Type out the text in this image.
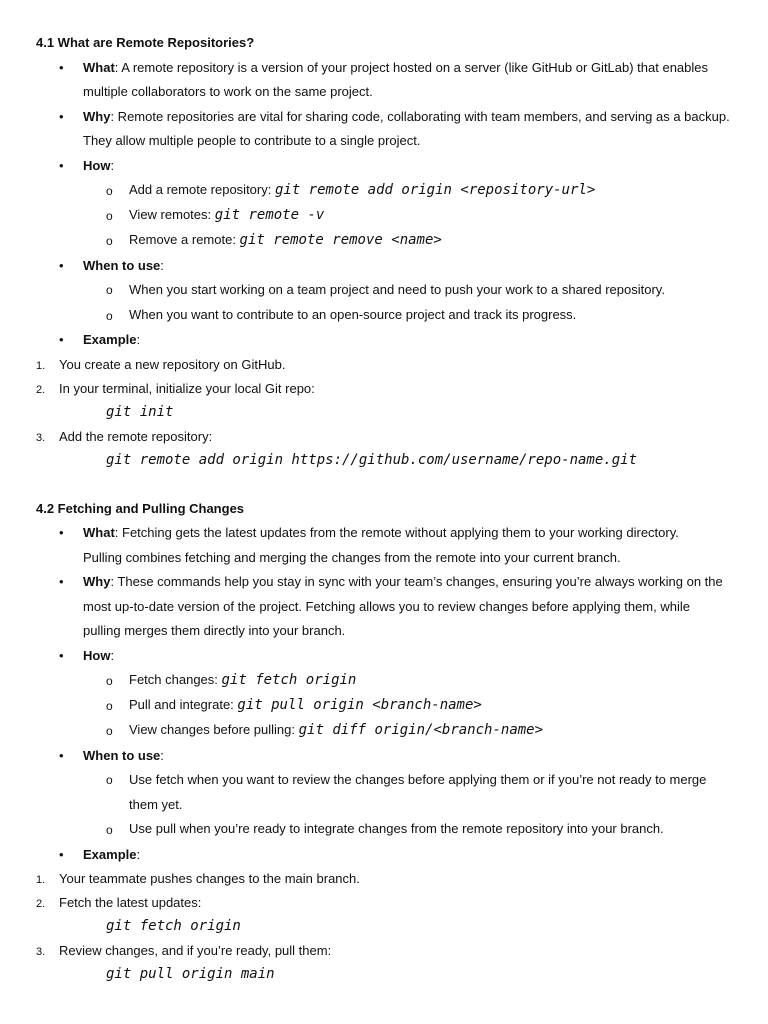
4.1 What are Remote Repositories?
• What: A remote repository is a version of your project hosted on a server (like GitHub or GitLab) that enables
multiple collaborators to work on the same project.
• Why: Remote repositories are vital for sharing code, collaborating with team members, and serving as a backup.
They allow multiple people to contribute to a single project.
• How:
o Add a remote repository: git remote add origin <repository-url>
o View remotes: git remote -v
o Remove a remote: git remote remove <name>
• When to use:
o When you start working on a team project and need to push your work to a shared repository.
o When you want to contribute to an open-source project and track its progress.
• Example:
1. You create a new repository on GitHub.
2. In your terminal, initialize your local Git repo:
git init
3. Add the remote repository:
git remote add origin https://github.com/username/repo-name.git
4.2 Fetching and Pulling Changes
• What: Fetching gets the latest updates from the remote without applying them to your working directory.
Pulling combines fetching and merging the changes from the remote into your current branch.
• Why: These commands help you stay in sync with your team’s changes, ensuring you’re always working on the
most up-to-date version of the project. Fetching allows you to review changes before applying them, while
pulling merges them directly into your branch.
• How:
o Fetch changes: git fetch origin
o Pull and integrate: git pull origin <branch-name>
o View changes before pulling: git diff origin/<branch-name>
• When to use:
o Use fetch when you want to review the changes before applying them or if you’re not ready to merge
them yet.
o Use pull when you’re ready to integrate changes from the remote repository into your branch.
• Example:
1. Your teammate pushes changes to the main branch.
2. Fetch the latest updates:
git fetch origin
3. Review changes, and if you’re ready, pull them:
git pull origin main
